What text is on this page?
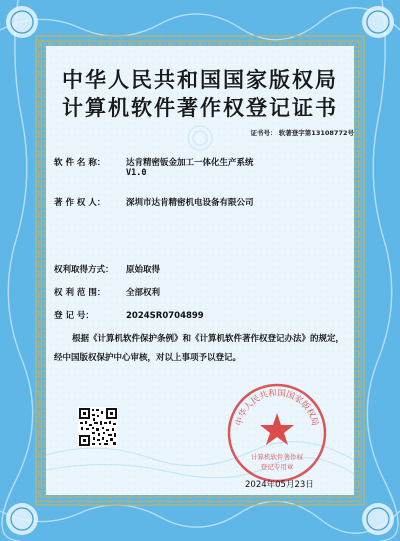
中华人民共和国国家版权局
计算机软件著作权登记证书
证书号： 软著登字第13108772号
软 件 名 称： 达肯精密钣金加工一体化生产系统
V1.0
著 作 权 人： 深圳市达肯精密机电设备有限公司
权利取得方式： 原始取得
权 利 范 围： 全部权利
登 记 号：	2024SR0704899

根据《计算机软件保护条例》和《计算机软件著作权登记办法》的规定，

经中国版权保护中心审核，对以上事项予以登记。

中华人民共和国国家版权局
计算机软件著作权
登记专用章
2024年05月23日
